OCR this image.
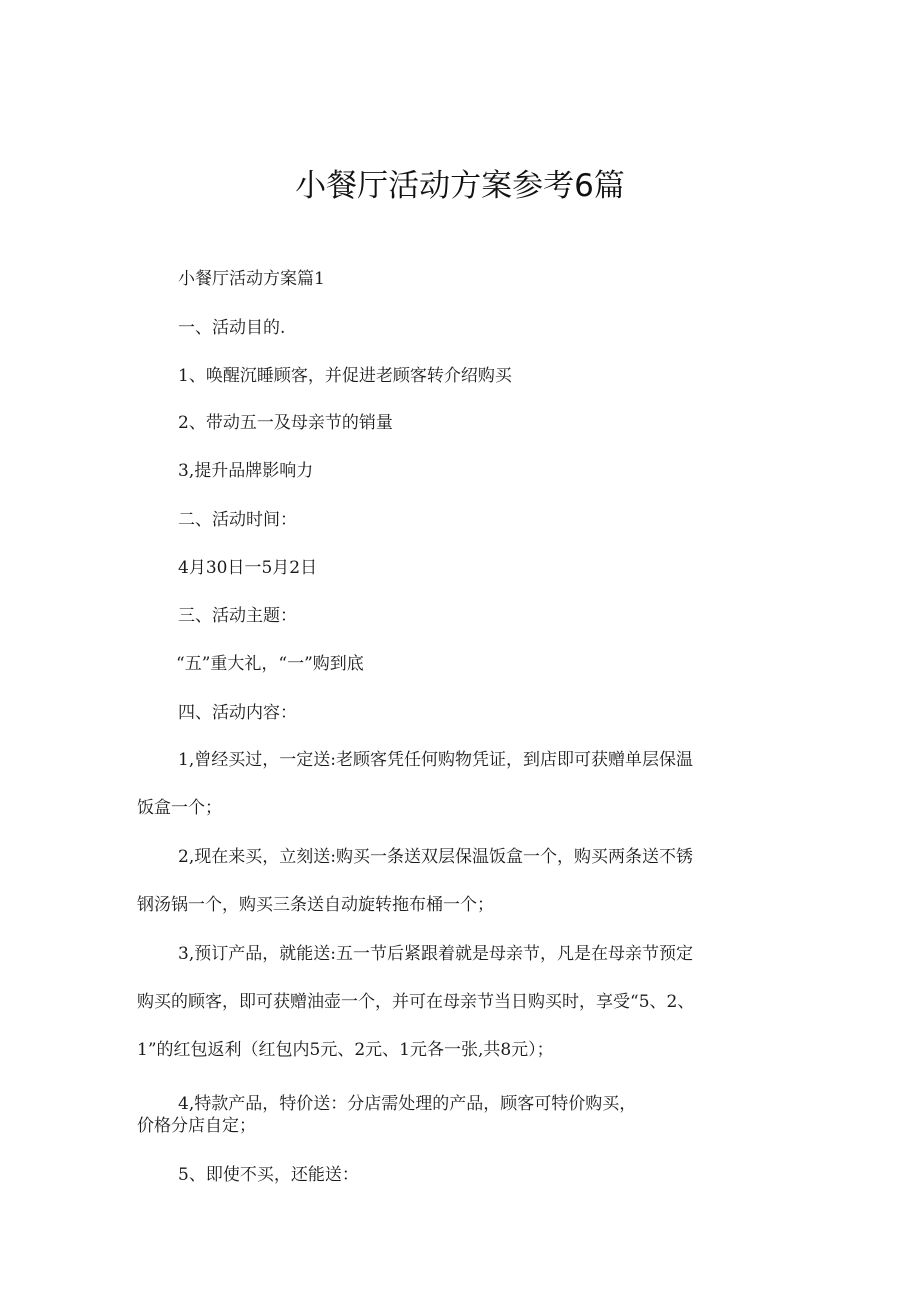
小餐厅活动方案参考6篇
小餐厅活动方案篇1
一、活动目的.
1、唤醒沉睡顾客，并促进老顾客转介绍购买
2、带动五一及母亲节的销量
3,提升品牌影响力
二、活动时间：
4月30日一5月2日
三、活动主题：
“五”重大礼，“一”购到底
四、活动内容：
1,曾经买过，一定送:老顾客凭任何购物凭证，到店即可获赠单层保温
饭盒一个；
2,现在来买，立刻送:购买一条送双层保温饭盒一个，购买两条送不锈
钢汤锅一个，购买三条送自动旋转拖布桶一个；
3,预订产品，就能送:五一节后紧跟着就是母亲节，凡是在母亲节预定
购买的顾客，即可获赠油壶一个，并可在母亲节当日购买时，享受“5、2、
1”的红包返利（红包内5元、2元、1元各一张,共8元）；
4,特款产品，特价送：分店需处理的产品，顾客可特价购买，
价格分店自定；
5、即使不买，还能送：
